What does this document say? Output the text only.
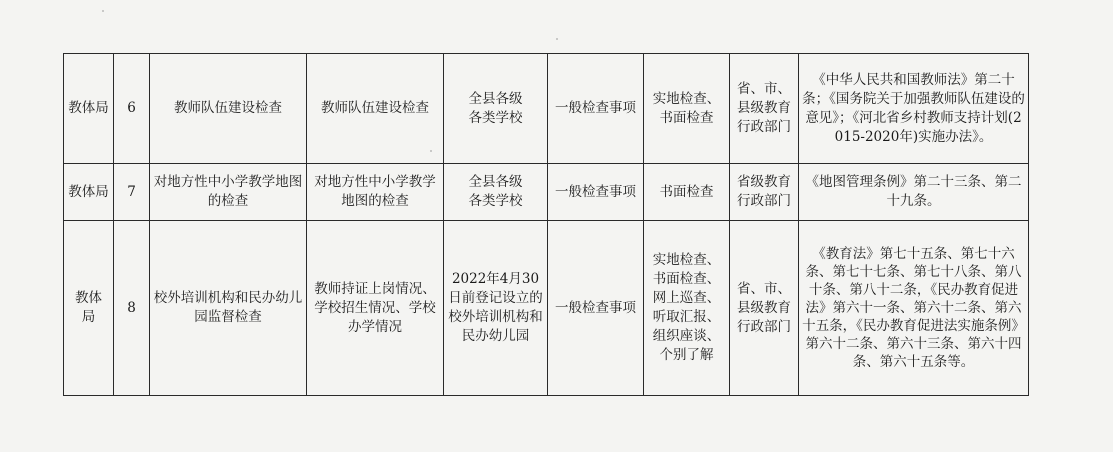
教体局	6	教师队伍建设检查	教师队伍建设检查	全县各级各类学校	一般检查事项	实地检查、书面检查	省、市、县级教育行政部门	《中华人民共和国教师法》第二十条；《国务院关于加强教师队伍建设的意见》；《河北省乡村教师支持计划(2015-2020年)实施办法》。
教体局	7	对地方性中小学教学地图的检查	对地方性中小学教学地图的检查	全县各级各类学校	一般检查事项	书面检查	省级教育行政部门	《地图管理条例》第二十三条、第二十九条。
教体局	8	校外培训机构和民办幼儿园监督检查	教师持证上岗情况、学校招生情况、学校办学情况	2022年4月30日前登记设立的校外培训机构和民办幼儿园	一般检查事项	实地检查、书面检查、网上巡查、听取汇报、组织座谈、个别了解	省、市、县级教育行政部门	《教育法》第七十五条、第七十六条、第七十七条、第七十八条、第八十条、第八十二条，《民办教育促进法》第六十一条、第六十二条、第六十五条，《民办教育促进法实施条例》第六十二条、第六十三条、第六十四条、第六十五条等。
